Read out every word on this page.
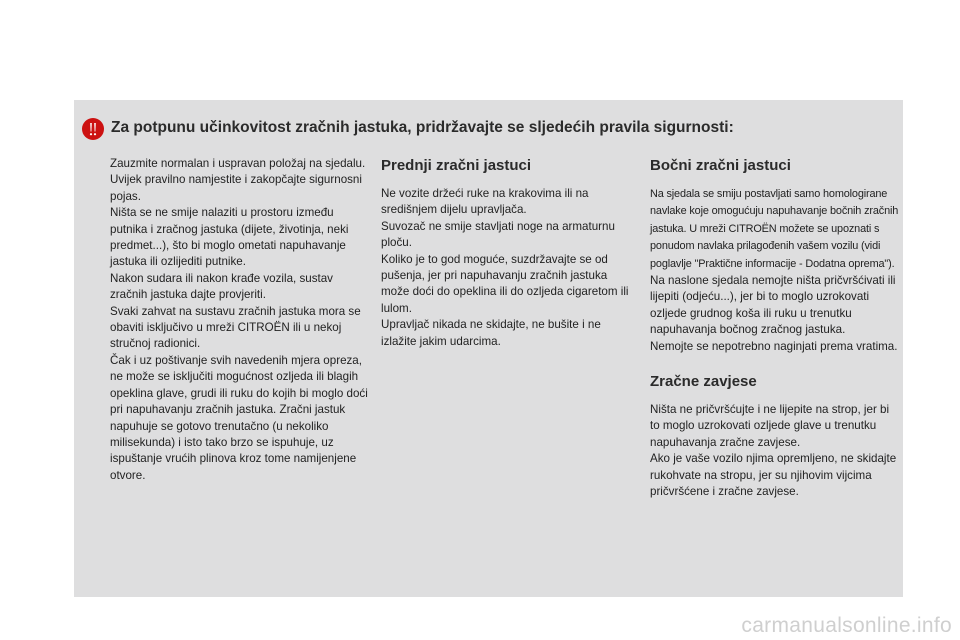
Za potpunu učinkovitost zračnih jastuka, pridržavajte se sljedećih pravila sigurnosti:

Zauzmite normalan i uspravan položaj na sjedalu.
Uvijek pravilno namjestite i zakopčajte sigurnosni pojas.
Ništa se ne smije nalaziti u prostoru između putnika i zračnog jastuka (dijete, životinja, neki predmet...), što bi moglo ometati napuhavanje jastuka ili ozlijediti putnike.
Nakon sudara ili nakon krađe vozila, sustav zračnih jastuka dajte provjeriti.
Svaki zahvat na sustavu zračnih jastuka mora se obaviti isključivo u mreži CITROËN ili u nekoj stručnoj radionici.
Čak i uz poštivanje svih navedenih mjera opreza, ne može se isključiti mogućnost ozljeda ili blagih opeklina glave, grudi ili ruku do kojih bi moglo doći pri napuhavanju zračnih jastuka. Zračni jastuk napuhuje se gotovo trenutačno (u nekoliko milisekunda) i isto tako brzo se ispuhuje, uz ispuštanje vrućih plinova kroz tome namijenjene otvore.

Prednji zračni jastuci

Ne vozite držeći ruke na krakovima ili na središnjem dijelu upravljača.
Suvozač ne smije stavljati noge na armaturnu ploču.
Koliko je to god moguće, suzdržavajte se od pušenja, jer pri napuhavanju zračnih jastuka može doći do opeklina ili do ozljeda cigaretom ili lulom.
Upravljač nikada ne skidajte, ne bušite i ne izlažite jakim udarcima.

Bočni zračni jastuci

Na sjedala se smiju postavljati samo homologirane navlake koje omogućuju napuhavanje bočnih zračnih jastuka. U mreži CITROËN možete se upoznati s ponudom navlaka prilagođenih vašem vozilu (vidi poglavlje "Praktične informacije - Dodatna oprema").

Na naslone sjedala nemojte ništa pričvršćivati ili lijepiti (odjeću...), jer bi to moglo uzrokovati ozljede grudnog koša ili ruku u trenutku napuhavanja bočnog zračnog jastuka.
Nemojte se nepotrebno naginjati prema vratima.

Zračne zavjese

Ništa ne pričvršćujte i ne lijepite na strop, jer bi to moglo uzrokovati ozljede glave u trenutku napuhavanja zračne zavjese.
Ako je vaše vozilo njima opremljeno, ne skidajte rukohvate na stropu, jer su njihovim vijcima pričvršćene i zračne zavjese.

carmanualsonline.info
